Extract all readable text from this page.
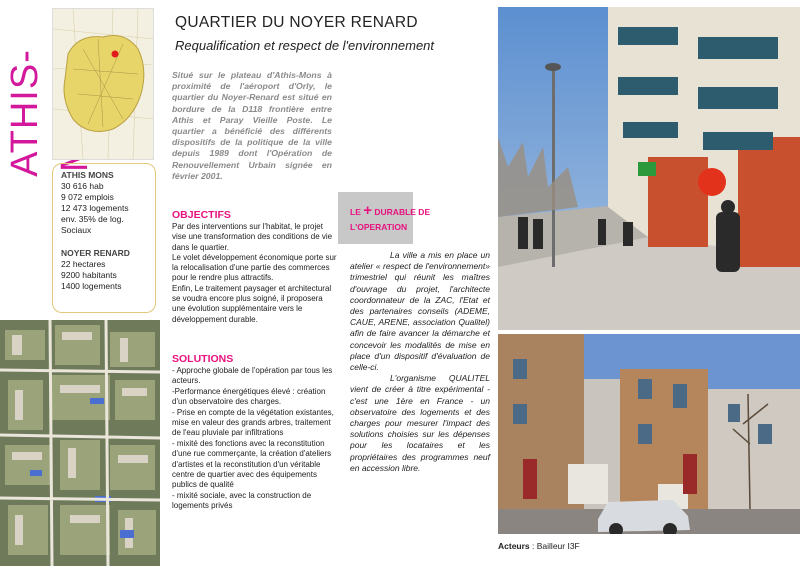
ATHIS-
ATHIS MONS
30 616 hab
9 072 emplois
12 473 logements
env. 35% de log. Sociaux
NOYER RENARD
22 hectares
9200 habitants
1400 logements
QUARTIER DU NOYER RENARD
Requalification et respect de l'environnement
Situé sur le plateau d'Athis-Mons à proximité de l'aéroport d'Orly, le quartier du Noyer-Renard est situé en bordure de la D118 frontière entre Athis et Paray Vieille Poste. Le quartier a bénéficié des différents dispositifs de la politique de la ville depuis 1989 dont l'Opération de Renouvellement Urbain signée en février 2001.
OBJECTIFS
Par des interventions sur l'habitat, le projet vise une transformation des conditions de vie dans le quartier.
Le volet développement économique porte sur la relocalisation d'une partie des commerces pour le rendre plus attractifs.
Enfin, Le traitement paysager et architectural se voudra encore plus soigné, il proposera une évolution supplémentaire vers le développement durable.
SOLUTIONS
- Approche globale de l'opération par tous les acteurs.
-Performance énergétiques élevé : création d'un observatoire des charges.
- Prise en compte de la végétation existantes, mise en valeur des grands arbres, traitement de l'eau pluviale par infiltrations
- mixité des fonctions avec la reconstitution d'une rue commerçante, la création d'ateliers d'artistes et la reconstitution d'un véritable centre de quartier avec des équipements publics de qualité
- mixité sociale, avec la construction de logements privés
LE + DURABLE DE L'OPERATION
La ville a mis en place un atelier « respect de l'environnement» trimestriel qui réunit les maîtres d'ouvrage du projet, l'architecte coordonnateur de la ZAC, l'Etat et des partenaires conseils (ADEME, CAUE, ARENE, association Qualitel) afin de faire avancer la démarche et concevoir les modalités de mise en place d'un dispositif d'évaluation de celle-ci.
L'organisme QUALITEL vient de créer à titre expérimental - c'est une 1ère en France - un observatoire des logements et des charges pour mesurer l'impact des solutions choisies sur les dépenses pour les locataires et les propriétaires des programmes neuf en accession libre.
Acteurs : Bailleur I3F
